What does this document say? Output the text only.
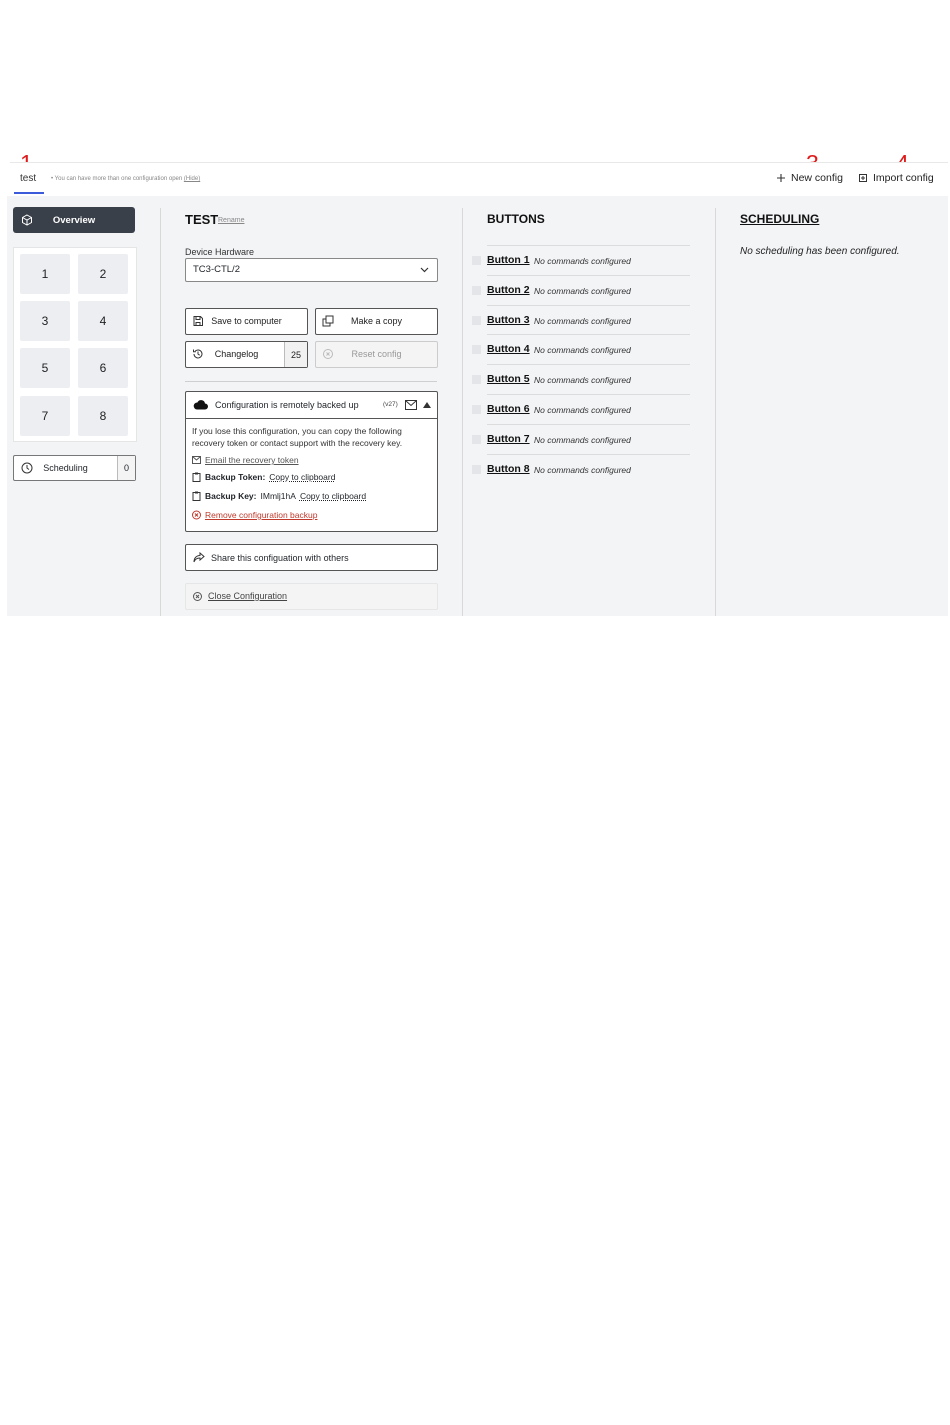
test • You can have more than one configuration open (Hide)	New config	Import config
Overview
1	2
3	4
5	6
7	8
Scheduling	0
TEST Rename
Device Hardware
TC3-CTL/2
Save to computer	Make a copy
Changelog	25	Reset config
Configuration is remotely backed up	(v27)
If you lose this configuration, you can copy the following recovery token or contact support with the recovery key.
Email the recovery token
Backup Token: Copy to clipboard
Backup Key: IMmlj1hA Copy to clipboard
Remove configuration backup
Share this configuation with others
Close Configuration
BUTTONS
Button 1 No commands configured
Button 2 No commands configured
Button 3 No commands configured
Button 4 No commands configured
Button 5 No commands configured
Button 6 No commands configured
Button 7 No commands configured
Button 8 No commands configured
SCHEDULING
No scheduling has been configured.
